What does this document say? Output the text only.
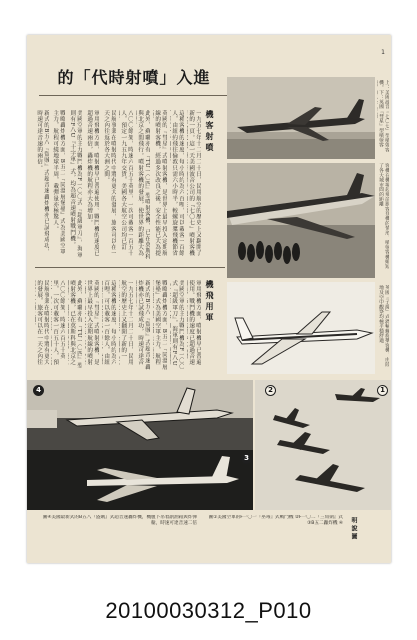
1
的「代時射噴」入進
機客射噴
一九五七年十二月二十日，民用航空的歷史上又翻開了新的一頁。這一天美國波音公司的『七〇七』噴射客機
這種客機的速度，每小時約為六百哩，可以載客一百餘人，由紐約飛往倫敦只需六小時半，較螺旋槳飛機節省
英國的『彗星』式噴射客機，是世界上最早投入定期航線的噴射客機，經過多次改良之後，安全性能已大為提
此外，蘇聯亦有『TU一〇四』型噴射客機，已在莫斯科與北京之間飛行。噴射客機的發展，使世界的距離大為
八〇〇餘架，時速六百五十英里，一次可載客一百五十人，預定一九五九年交貨，美國各大航空公司均已訂
民航事業在噴射時代中將有更大的發展，旅客可以在一天之內往返於各大洲之間。
軍用飛機方面，噴射機早已普遍使用。戰鬥機的速度已超過音速兩倍，轟炸機的航程亦大為增加。
美國空軍的主力戰鬥機為F一〇〇式『超級軍刀』，海軍則有F八U『十字軍』式，均為超音速噴射戰鬥機。
戰略轟炸機方面，B五二『同溫層堡壘』式為美國空軍主力，航程可繞地球半周，載彈量亦極驚人。
新式的B五八『盜賊』式超音速轟炸機亦已試飛成功，時速可達音速的兩倍。
機飛用軍
軍用飛機方面，噴射機早已普遍使用。戰鬥機的速度已超過音速
美國空軍的主力戰鬥機為F一〇〇式『超級軍刀』，海軍則有F八U
戰略轟炸機方面，B五二『同溫層堡壘』式為美國空軍主力，航程
新式的B五八『盜賊』式超音速轟炸機亦已試飛成功，時速可達音
一九五七年十二月二十日，民用航空的歷史上又翻開了新的一
這種客機的速度，每小時約為六百哩，可以載客一百餘人，由紐
英國的『彗星』式噴射客機，是世界上最早投入定期航線的噴射
此外，蘇聯亦有『TU一〇四』型噴射客機，已在莫斯科與北京之
八〇〇餘架，時速六百五十英里，一次可載客一百五十人，預
民航事業在噴射時代中將有更大的發展，旅客可以在一天之內往
上：美國波音『七〇七』型噴射客機。下：英國『彗星』型噴射客
客機在機場起飛前旅客登機的情形，噴射客機縮短了各大城市間的距離
英國『子爵』式渦輪螺旋槳客機，由陸地及空中觀察均極平穩舒適
4	2
3
1
圖④美國最新式的B五八『盜賊』式超音速轟炸機，機腹下吊着副油箱與炸彈艙，時速可達音速二倍
圖①美國空軍的F一〇一『巫毒』式戰鬥機 ②F一〇二『三角劍』式 ③B五二轟炸機 ④ 明說圖
20100030312_P010
